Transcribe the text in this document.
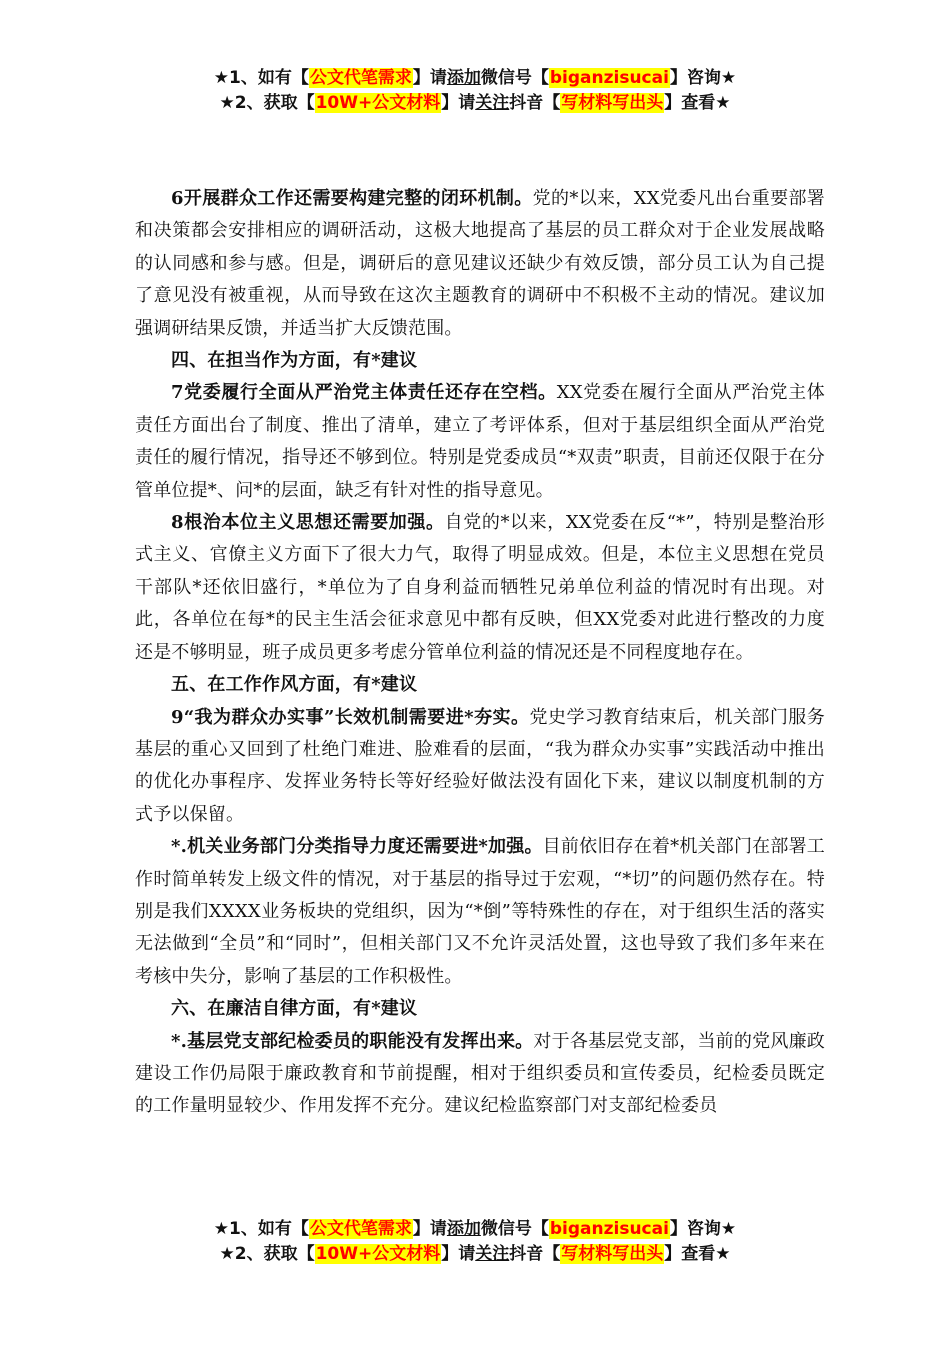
★1、如有【公文代笔需求】请添加微信号【biganzisucai】咨询★
★2、获取【10W+公文材料】请关注抖音【写材料写出头】查看★

6开展群众工作还需要构建完整的闭环机制。党的*以来，XX党委凡出台重要部署和决策都会安排相应的调研活动，这极大地提高了基层的员工群众对于企业发展战略的认同感和参与感。但是，调研后的意见建议还缺少有效反馈，部分员工认为自己提了意见没有被重视，从而导致在这次主题教育的调研中不积极不主动的情况。建议加强调研结果反馈，并适当扩大反馈范围。

四、在担当作为方面，有*建议

7党委履行全面从严治党主体责任还存在空档。XX党委在履行全面从严治党主体责任方面出台了制度、推出了清单，建立了考评体系，但对于基层组织全面从严治党责任的履行情况，指导还不够到位。特别是党委成员“*双责”职责，目前还仅限于在分管单位提*、问*的层面，缺乏有针对性的指导意见。

8根治本位主义思想还需要加强。自党的*以来，XX党委在反“*”，特别是整治形式主义、官僚主义方面下了很大力气，取得了明显成效。但是，本位主义思想在党员干部队*还依旧盛行，*单位为了自身利益而牺牲兄弟单位利益的情况时有出现。对此，各单位在每*的民主生活会征求意见中都有反映，但XX党委对此进行整改的力度还是不够明显，班子成员更多考虑分管单位利益的情况还是不同程度地存在。

五、在工作作风方面，有*建议

9“我为群众办实事”长效机制需要进*夯实。党史学习教育结束后，机关部门服务基层的重心又回到了杜绝门难进、脸难看的层面，“我为群众办实事”实践活动中推出的优化办事程序、发挥业务特长等好经验好做法没有固化下来，建议以制度机制的方式予以保留。

*.机关业务部门分类指导力度还需要进*加强。目前依旧存在着*机关部门在部署工作时简单转发上级文件的情况，对于基层的指导过于宏观，“*切”的问题仍然存在。特别是我们XXXX业务板块的党组织，因为“*倒”等特殊性的存在，对于组织生活的落实无法做到“全员”和“同时”，但相关部门又不允许灵活处置，这也导致了我们多年来在考核中失分，影响了基层的工作积极性。

六、在廉洁自律方面，有*建议

*.基层党支部纪检委员的职能没有发挥出来。对于各基层党支部，当前的党风廉政建设工作仍局限于廉政教育和节前提醒，相对于组织委员和宣传委员，纪检委员既定的工作量明显较少、作用发挥不充分。建议纪检监察部门对支部纪检委员

★1、如有【公文代笔需求】请添加微信号【biganzisucai】咨询★
★2、获取【10W+公文材料】请关注抖音【写材料写出头】查看★
